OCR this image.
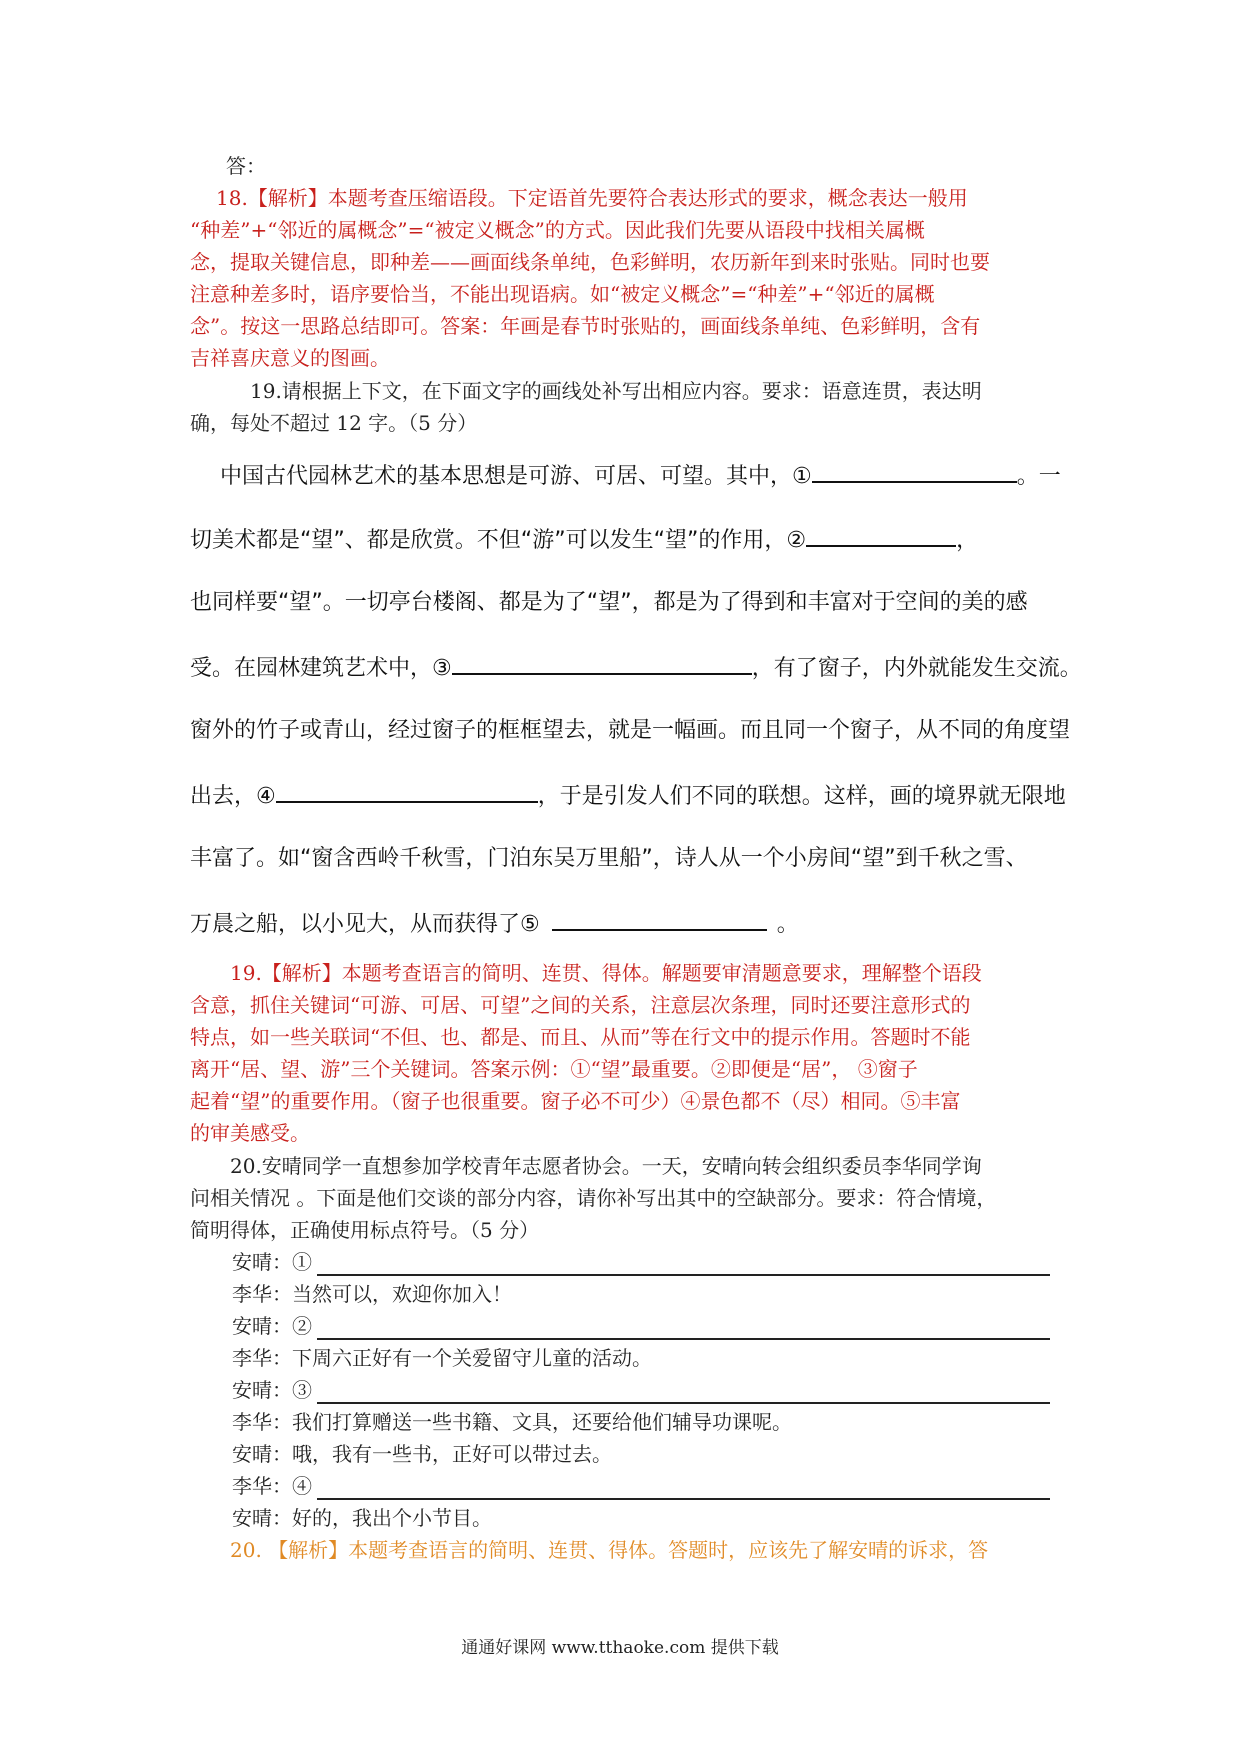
答：
18.【解析】本题考查压缩语段。下定语首先要符合表达形式的要求，概念表达一般用
“种差”+“邻近的属概念”=“被定义概念”的方式。因此我们先要从语段中找相关属概
念，提取关键信息，即种差——画面线条单纯，色彩鲜明，农历新年到来时张贴。同时也要
注意种差多时，语序要恰当，不能出现语病。如“被定义概念”=“种差”+“邻近的属概
念”。按这一思路总结即可。答案：年画是春节时张贴的，画面线条单纯、色彩鲜明，含有
吉祥喜庆意义的图画。
19.请根据上下文，在下面文字的画线处补写出相应内容。要求：语意连贯，表达明
确，每处不超过 12 字。（5 分）
中国古代园林艺术的基本思想是可游、可居、可望。其中，①	。一
切美术都是“望”、都是欣赏。不但“游”可以发生“望”的作用，②	，
也同样要“望”。一切亭台楼阁、都是为了“望”，都是为了得到和丰富对于空间的美的感
受。在园林建筑艺术中，③	，有了窗子，内外就能发生交流。
窗外的竹子或青山，经过窗子的框框望去，就是一幅画。而且同一个窗子，从不同的角度望
出去，④	，于是引发人们不同的联想。这样，画的境界就无限地
丰富了。如“窗含西岭千秋雪，门泊东吴万里船”，诗人从一个小房间“望”到千秋之雪、
万晨之船，以小见大，从而获得了⑤	。
19.【解析】本题考查语言的简明、连贯、得体。解题要审清题意要求，理解整个语段
含意，抓住关键词“可游、可居、可望”之间的关系，注意层次条理，同时还要注意形式的
特点，如一些关联词“不但、也、都是、而且、从而”等在行文中的提示作用。答题时不能
离开“居、望、游”三个关键词。答案示例：①“望”最重要。②即便是“居”， ③窗子
起着“望”的重要作用。（窗子也很重要。窗子必不可少）④景色都不（尽）相同。⑤丰富
的审美感受。
20.安晴同学一直想参加学校青年志愿者协会。一天，安晴向转会组织委员李华同学询
问相关情况 。下面是他们交谈的部分内容，请你补写出其中的空缺部分。要求：符合情境，
简明得体，正确使用标点符号。（5 分）
安晴：①
李华：当然可以，欢迎你加入！
安晴：②
李华：下周六正好有一个关爱留守儿童的活动。
安晴：③
李华：我们打算赠送一些书籍、文具，还要给他们辅导功课呢。
安晴：哦，我有一些书，正好可以带过去。
李华：④
安晴：好的，我出个小节目。
20. 【解析】本题考查语言的简明、连贯、得体。答题时，应该先了解安晴的诉求，答
通通好课网 www.tthaoke.com 提供下载
